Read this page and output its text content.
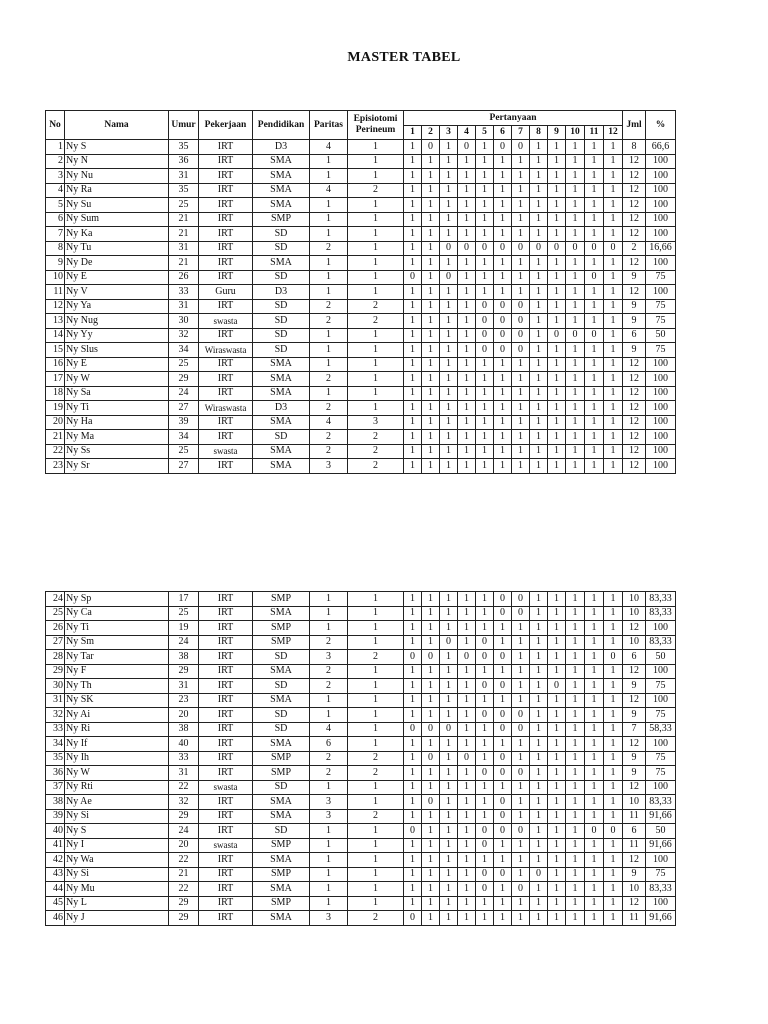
MASTER TABEL
No	Nama	Umur	Pekerjaan	Pendidikan	Paritas	Episiotomi Perineum	Pertanyaan												Jml	%
							1	2	3	4	5	6	7	8	9	10	11	12		
1	Ny S	35	IRT	D3	4	1	1	0	1	0	1	0	0	1	1	1	1	1	8	66,6
2	Ny N	36	IRT	SMA	1	1	1	1	1	1	1	1	1	1	1	1	1	1	12	100
3	Ny Nu	31	IRT	SMA	1	1	1	1	1	1	1	1	1	1	1	1	1	1	12	100
4	Ny Ra	35	IRT	SMA	4	2	1	1	1	1	1	1	1	1	1	1	1	1	12	100
5	Ny Su	25	IRT	SMA	1	1	1	1	1	1	1	1	1	1	1	1	1	1	12	100
6	Ny Sum	21	IRT	SMP	1	1	1	1	1	1	1	1	1	1	1	1	1	1	12	100
7	Ny Ka	21	IRT	SD	1	1	1	1	1	1	1	1	1	1	1	1	1	1	12	100
8	Ny Tu	31	IRT	SD	2	1	1	1	0	0	0	0	0	0	0	0	0	0	2	16,66
9	Ny De	21	IRT	SMA	1	1	1	1	1	1	1	1	1	1	1	1	1	1	12	100
10	Ny E	26	IRT	SD	1	1	0	1	0	1	1	1	1	1	1	1	0	1	9	75
11	Ny V	33	Guru	D3	1	1	1	1	1	1	1	1	1	1	1	1	1	1	12	100
12	Ny Ya	31	IRT	SD	2	2	1	1	1	1	0	0	0	1	1	1	1	1	9	75
13	Ny Nug	30	swasta	SD	2	2	1	1	1	1	0	0	0	1	1	1	1	1	9	75
14	Ny Yy	32	IRT	SD	1	1	1	1	1	1	0	0	0	1	0	0	0	1	6	50
15	Ny Slus	34	Wiraswasta	SD	1	1	1	1	1	1	0	0	0	1	1	1	1	1	9	75
16	Ny E	25	IRT	SMA	1	1	1	1	1	1	1	1	1	1	1	1	1	1	12	100
17	Ny W	29	IRT	SMA	2	1	1	1	1	1	1	1	1	1	1	1	1	1	12	100
18	Ny Sa	24	IRT	SMA	1	1	1	1	1	1	1	1	1	1	1	1	1	1	12	100
19	Ny Ti	27	Wiraswasta	D3	2	1	1	1	1	1	1	1	1	1	1	1	1	1	12	100
20	Ny Ha	39	IRT	SMA	4	3	1	1	1	1	1	1	1	1	1	1	1	1	12	100
21	Ny Ma	34	IRT	SD	2	2	1	1	1	1	1	1	1	1	1	1	1	1	12	100
22	Ny Ss	25	swasta	SMA	2	2	1	1	1	1	1	1	1	1	1	1	1	1	12	100
23	Ny Sr	27	IRT	SMA	3	2	1	1	1	1	1	1	1	1	1	1	1	1	12	100
24	Ny Sp	17	IRT	SMP	1	1	1	1	1	1	1	0	0	1	1	1	1	1	10	83,33
25	Ny Ca	25	IRT	SMA	1	1	1	1	1	1	1	0	0	1	1	1	1	1	10	83,33
26	Ny Ti	19	IRT	SMP	1	1	1	1	1	1	1	1	1	1	1	1	1	1	12	100
27	Ny Sm	24	IRT	SMP	2	1	1	1	0	1	0	1	1	1	1	1	1	1	10	83,33
28	Ny Tar	38	IRT	SD	3	2	0	0	1	0	0	0	1	1	1	1	1	0	6	50
29	Ny F	29	IRT	SMA	2	1	1	1	1	1	1	1	1	1	1	1	1	1	12	100
30	Ny Th	31	IRT	SD	2	1	1	1	1	1	0	0	1	1	0	1	1	1	9	75
31	Ny SK	23	IRT	SMA	1	1	1	1	1	1	1	1	1	1	1	1	1	1	12	100
32	Ny Ai	20	IRT	SD	1	1	1	1	1	1	0	0	0	1	1	1	1	1	9	75
33	Ny Ri	38	IRT	SD	4	1	0	0	0	1	1	0	0	1	1	1	1	1	7	58,33
34	Ny If	40	IRT	SMA	6	1	1	1	1	1	1	1	1	1	1	1	1	1	12	100
35	Ny Ih	33	IRT	SMP	2	2	1	0	1	0	1	0	1	1	1	1	1	1	9	75
36	Ny W	31	IRT	SMP	2	2	1	1	1	1	0	0	0	1	1	1	1	1	9	75
37	Ny Rti	22	swasta	SD	1	1	1	1	1	1	1	1	1	1	1	1	1	1	12	100
38	Ny Ae	32	IRT	SMA	3	1	1	0	1	1	1	0	1	1	1	1	1	1	10	83,33
39	Ny Si	29	IRT	SMA	3	2	1	1	1	1	1	0	1	1	1	1	1	1	11	91,66
40	Ny S	24	IRT	SD	1	1	0	1	1	1	0	0	0	1	1	1	0	0	6	50
41	Ny I	20	swasta	SMP	1	1	1	1	1	1	0	1	1	1	1	1	1	1	11	91,66
42	Ny Wa	22	IRT	SMA	1	1	1	1	1	1	1	1	1	1	1	1	1	1	12	100
43	Ny Si	21	IRT	SMP	1	1	1	1	1	1	0	0	1	0	1	1	1	1	9	75
44	Ny Mu	22	IRT	SMA	1	1	1	1	1	1	0	1	0	1	1	1	1	1	10	83,33
45	Ny L	29	IRT	SMP	1	1	1	1	1	1	1	1	1	1	1	1	1	1	12	100
46	Ny J	29	IRT	SMA	3	2	0	1	1	1	1	1	1	1	1	1	1	1	11	91,66
